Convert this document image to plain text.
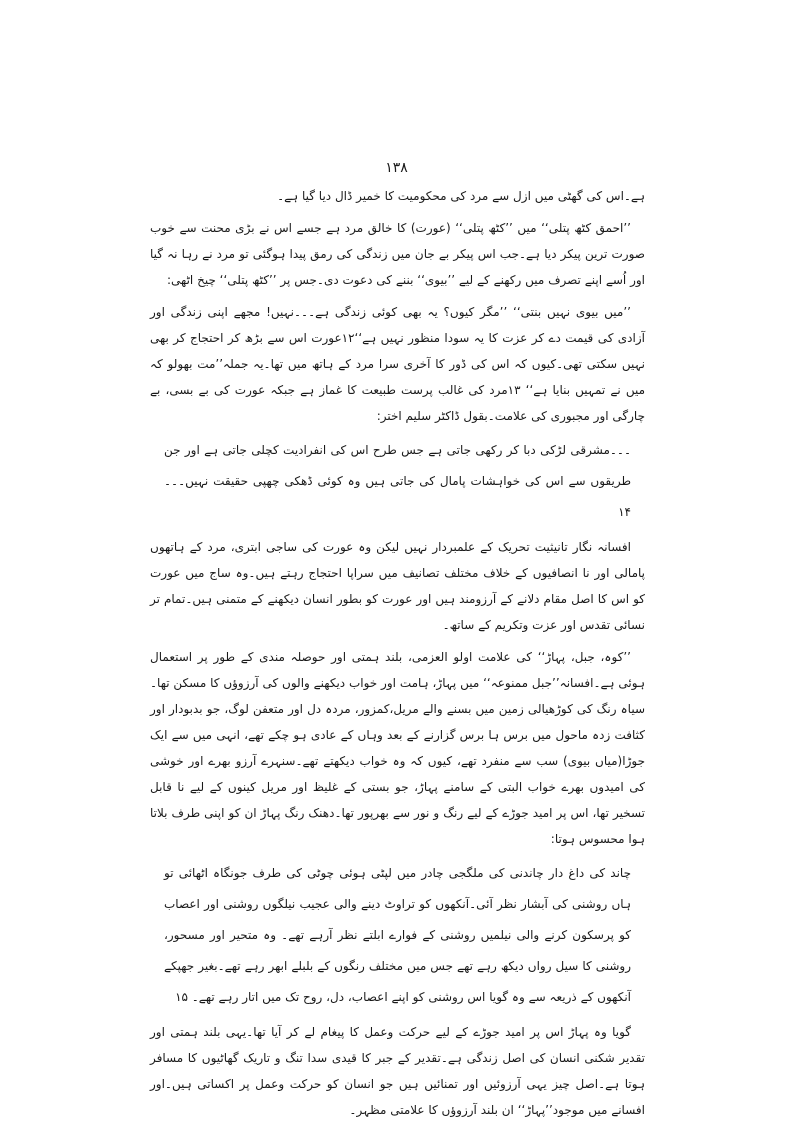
۱۳۸

ہے۔اس کی گھٹی میں ازل سے مرد کی محکومیت کا خمیر ڈال دیا گیا ہے۔

’’احمق کٹھ پتلی‘‘ میں ’’کٹھ پتلی‘‘ (عورت) کا خالق مرد ہے جسے اس نے بڑی محنت سے خوب صورت ترین پیکر دیا ہے۔جب اس پیکر بے جان میں زندگی کی رمق پیدا ہوگئی تو مرد نے رہا نہ گیا اور اُسے اپنے تصرف میں رکھنے کے لیے ’’بیوی‘‘ بننے کی دعوت دی۔جس پر ’’کٹھ پتلی‘‘ چیخ اٹھی:

’’میں بیوی نہیں بنتی‘‘ ’’مگر کیوں؟ یہ بھی کوئی زندگی ہے۔۔۔نہیں! مجھے اپنی زندگی اور آزادی کی قیمت دے کر عزت کا یہ سودا منظور نہیں ہے‘‘۱۲عورت اس سے بڑھ کر احتجاج کر بھی نہیں سکتی تھی۔کیوں کہ اس کی ڈور کا آخری سرا مرد کے ہاتھ میں تھا۔یہ جملہ’’مت بھولو کہ میں نے تمہیں بنایا ہے‘‘ ۱۳مرد کی غالب پرست طبیعت کا غماز ہے جبکہ عورت کی بے بسی، بے چارگی اور مجبوری کی علامت۔بقول ڈاکٹر سلیم اختر:

۔۔۔مشرقی لڑکی دبا کر رکھی جاتی ہے جس طرح اس کی انفرادیت کچلی جاتی ہے اور جن طریقوں سے اس کی خواہشات پامال کی جاتی ہیں وہ کوئی ڈھکی چھپی حقیقت نہیں۔۔۔ ۱۴

افسانہ نگار تانیثیت تحریک کے علمبردار نہیں لیکن وہ عورت کی ساجی ابتری، مرد کے ہاتھوں پامالی اور نا انصافیوں کے خلاف مختلف تصانیف میں سراپا احتجاج رہتے ہیں۔وہ ساج میں عورت کو اس کا اصل مقام دلانے کے آرزومند ہیں اور عورت کو بطور انسان دیکھنے کے متمنی ہیں۔تمام تر نسائی تقدس اور عزت وتکریم کے ساتھ۔

’’کوہ، جبل، پہاڑ‘‘ کی علامت اولو العزمی، بلند ہمتی اور حوصلہ مندی کے طور پر استعمال ہوئی ہے۔افسانہ’’جبل ممنوعہ‘‘ میں پہاڑ، ہامت اور خواب دیکھنے والوں کی آرزوؤں کا مسکن تھا۔سیاہ رنگ کی کوڑھیالی زمین میں بسنے والے مریل،کمزور، مردہ دل اور متعفن لوگ، جو بدبودار اور کثافت زدہ ماحول میں برس ہا برس گزارنے کے بعد وہاں کے عادی ہو چکے تھے، انہی میں سے ایک جوڑا(میاں بیوی) سب سے منفرد تھے، کیوں کہ وہ خواب دیکھتے تھے۔سنہرے آرزو بھرے اور خوشی کی امیدوں بھرے خواب البتی کے سامنے پہاڑ، جو بستی کے غلیظ اور مریل کینوں کے لیے نا قابل تسخیر تھا، اس پر امید جوڑے کے لیے رنگ و نور سے بھرپور تھا۔دھنک رنگ پہاڑ ان کو اپنی طرف بلاتا ہوا محسوس ہوتا:

چاند کی داغ دار چاندنی کی ملگجی چادر میں لپٹی ہوئی چوٹی کی طرف جونگاہ اٹھائی تو ہاں روشنی کی آبشار نظر آئی۔آنکھوں کو تراوٹ دینے والی عجیب نیلگوں روشنی اور اعصاب کو پرسکون کرنے والی نیلمیں روشنی کے فوارے ابلتے نظر آرہے تھے۔ وہ متحیر اور مسحور، روشنی کا سیل رواں دیکھ رہے تھے جس میں مختلف رنگوں کے بلبلے ابھر رہے تھے۔بغیر جھپکے آنکھوں کے ذریعہ سے وہ گویا اس روشنی کو اپنے اعصاب، دل، روح تک میں اتار رہے تھے۔ ۱۵

گویا وہ پہاڑ اس پر امید جوڑے کے لیے حرکت وعمل کا پیغام لے کر آیا تھا۔یہی بلند ہمتی اور تقدیر شکنی انسان کی اصل زندگی ہے۔تقدیر کے جبر کا قیدی سدا تنگ و تاریک گھاٹیوں کا مسافر ہوتا ہے۔اصل چیز یہی آرزوئیں اور تمنائیں ہیں جو انسان کو حرکت وعمل پر اکساتی ہیں۔اور افسانے میں موجود’’پہاڑ‘‘ ان بلند آرزوؤں کا علامتی مظہر۔
